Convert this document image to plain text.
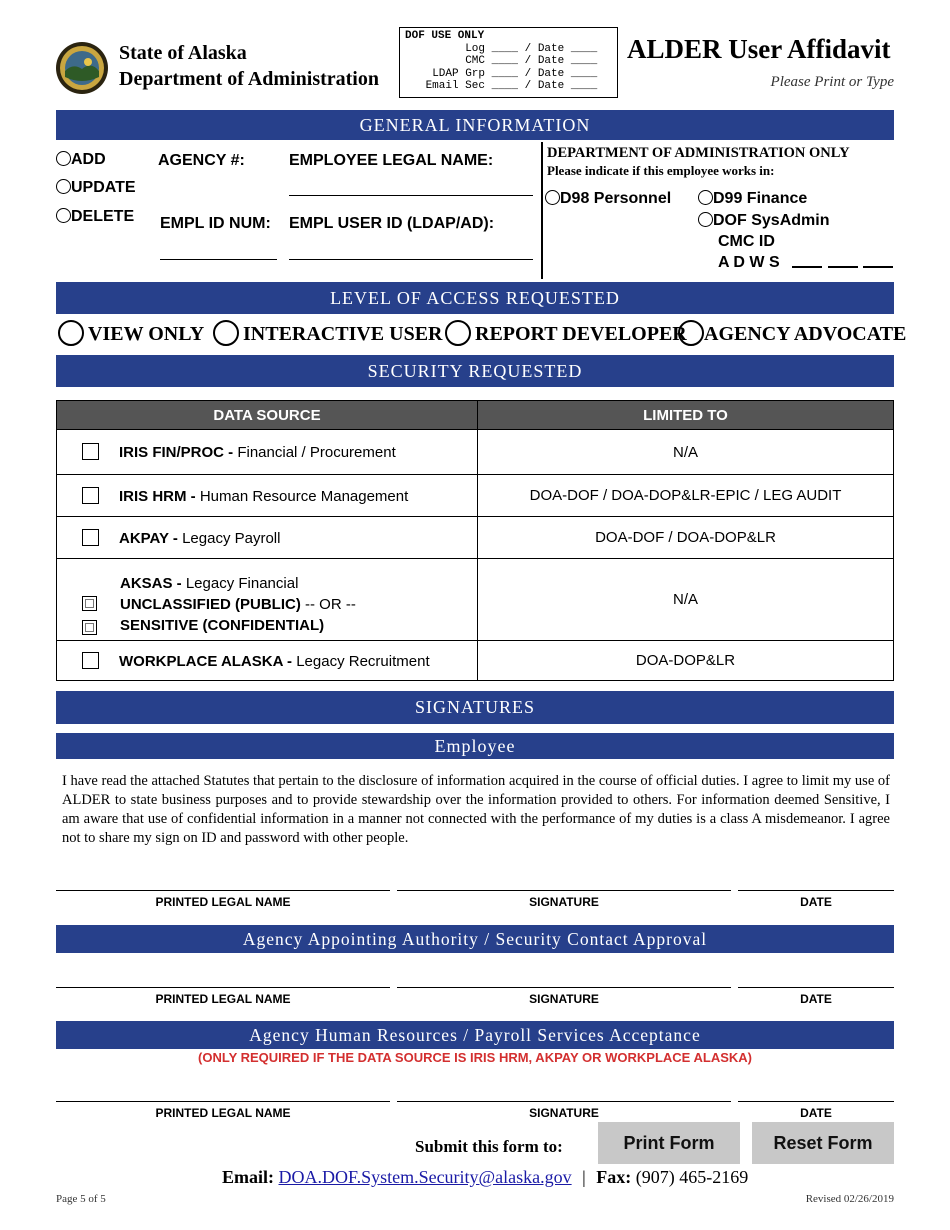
State of Alaska
Department of Administration
DOF USE ONLY
Log ____ / Date ____
CMC ____ / Date ____
LDAP Grp ____ / Date ____
Email Sec ____ / Date ____
ALDER User Affidavit
Please Print or Type
GENERAL INFORMATION
ADD
UPDATE
DELETE
AGENCY #:	EMPLOYEE LEGAL NAME:
EMPL ID NUM: EMPL USER ID (LDAP/AD):
DEPARTMENT OF ADMINISTRATION ONLY
Please indicate if this employee works in:
D98 Personnel	D99 Finance
DOF SysAdmin
CMC ID
A D W S
LEVEL OF ACCESS REQUESTED
VIEW ONLY	INTERACTIVE USER	REPORT DEVELOPER AGENCY ADVOCATE
SECURITY REQUESTED
DATA SOURCE	LIMITED TO
IRIS FIN/PROC - Financial / Procurement	N/A
IRIS HRM - Human Resource Management	DOA-DOF / DOA-DOP&LR-EPIC / LEG AUDIT
AKPAY - Legacy Payroll	DOA-DOF / DOA-DOP&LR

AKSAS - Legacy Financial
UNCLASSIFIED (PUBLIC) -- OR --
SENSITIVE (CONFIDENTIAL)	N/A
WORKPLACE ALASKA - Legacy Recruitment	DOA-DOP&LR
SIGNATURES
Employee
I have read the attached Statutes that pertain to the disclosure of information acquired in the course of official duties. I agree to limit my use of ALDER to state business purposes and to provide stewardship over the information provided to others. For information deemed Sensitive, I am aware that use of confidential information in a manner not connected with the performance of my duties is a class A misdemeanor. I agree not to share my sign on ID and password with other people.
PRINTED LEGAL NAME	SIGNATURE	DATE
Agency Appointing Authority / Security Contact Approval
PRINTED LEGAL NAME	SIGNATURE	DATE
Agency Human Resources / Payroll Services Acceptance
(ONLY REQUIRED IF THE DATA SOURCE IS IRIS HRM, AKPAY OR WORKPLACE ALASKA)
PRINTED LEGAL NAME	SIGNATURE	DATE
Submit this form to:	Print Form	Reset Form
Email: DOA.DOF.System.Security@alaska.gov | Fax: (907) 465-2169
Page 5 of 5	Revised 02/26/2019
